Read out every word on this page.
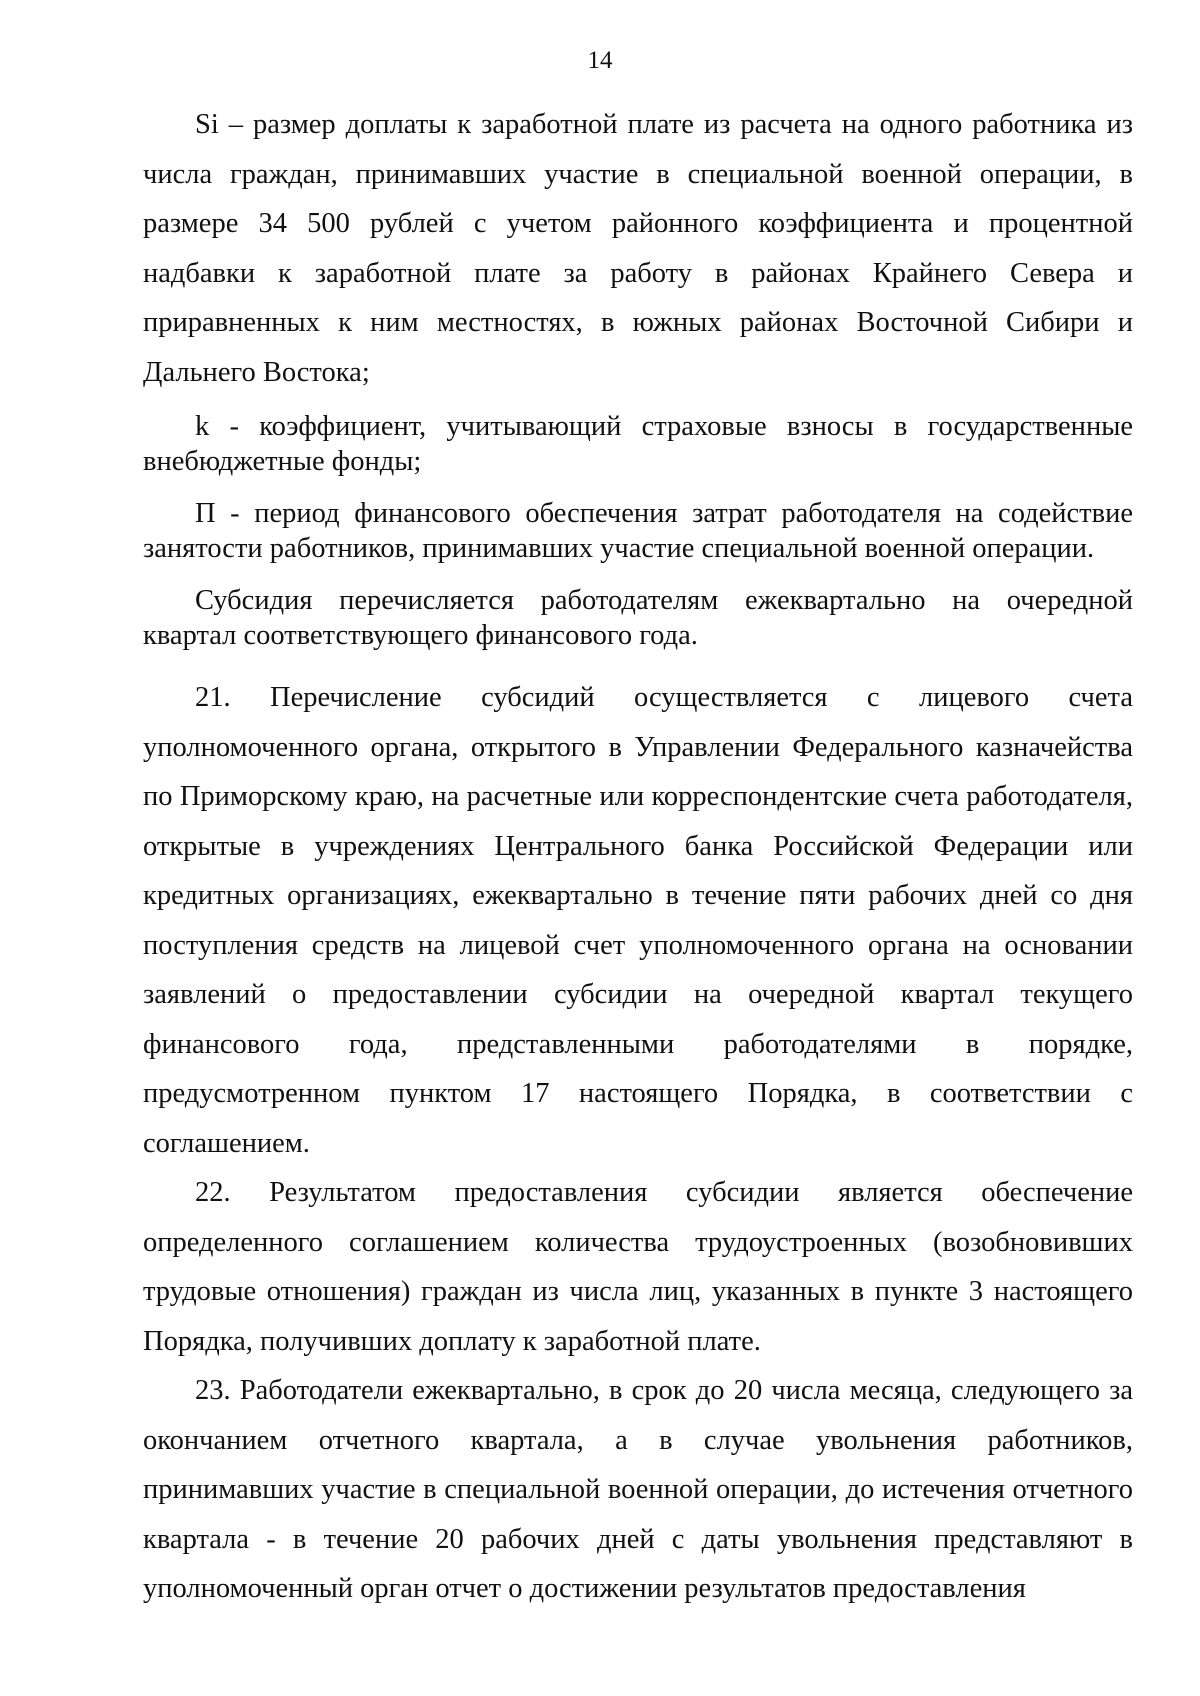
14

Si – размер доплаты к заработной плате из расчета на одного работника из числа граждан, принимавших участие в специальной военной операции, в размере 34 500 рублей с учетом районного коэффициента и процентной надбавки к заработной плате за работу в районах Крайнего Севера и приравненных к ним местностях, в южных районах Восточной Сибири и Дальнего Востока;

k - коэффициент, учитывающий страховые взносы в государственные внебюджетные фонды;

П - период финансового обеспечения затрат работодателя на содействие занятости работников, принимавших участие специальной военной операции.

Субсидия перечисляется работодателям ежеквартально на очередной квартал соответствующего финансового года.

21. Перечисление субсидий осуществляется с лицевого счета уполномоченного органа, открытого в Управлении Федерального казначейства по Приморскому краю, на расчетные или корреспондентские счета работодателя, открытые в учреждениях Центрального банка Российской Федерации или кредитных организациях, ежеквартально в течение пяти рабочих дней со дня поступления средств на лицевой счет уполномоченного органа на основании заявлений о предоставлении субсидии на очередной квартал текущего финансового года, представленными работодателями в порядке, предусмотренном пунктом 17 настоящего Порядка, в соответствии с соглашением.

22. Результатом предоставления субсидии является обеспечение определенного соглашением количества трудоустроенных (возобновивших трудовые отношения) граждан из числа лиц, указанных в пункте 3 настоящего Порядка, получивших доплату к заработной плате.

23. Работодатели ежеквартально, в срок до 20 числа месяца, следующего за окончанием отчетного квартала, а в случае увольнения работников, принимавших участие в специальной военной операции, до истечения отчетного квартала - в течение 20 рабочих дней с даты увольнения представляют в уполномоченный орган отчет о достижении результатов предоставления
